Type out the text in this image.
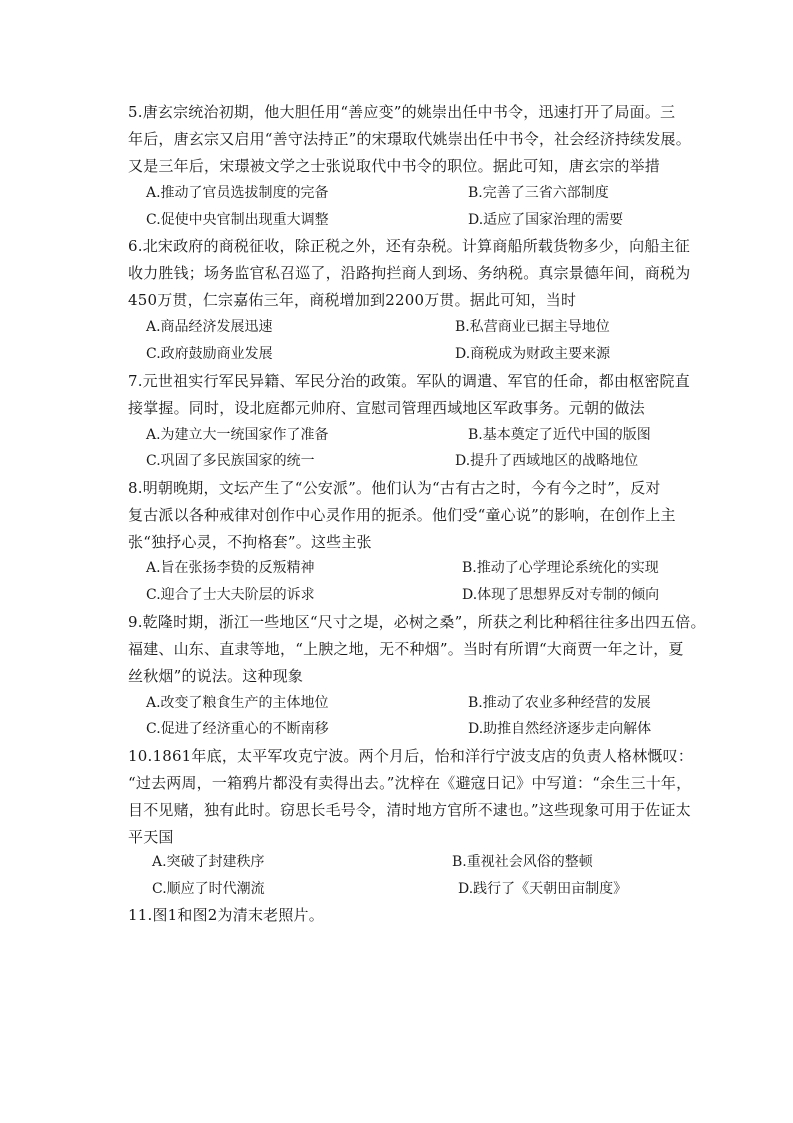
5.唐玄宗统治初期，他大胆任用“善应变”的姚崇出任中书令，迅速打开了局面。三
年后，唐玄宗又启用“善守法持正”的宋璟取代姚崇出任中书令，社会经济持续发展。
又是三年后，宋璟被文学之士张说取代中书令的职位。据此可知，唐玄宗的举措
A.推动了官员选拔制度的完备	B.完善了三省六部制度
C.促使中央官制出现重大调整	D.适应了国家治理的需要
6.北宋政府的商税征收，除正税之外，还有杂税。计算商船所载货物多少，向船主征
收力胜钱；场务监官私召巡了，沿路拘拦商人到场、务纳税。真宗景德年间，商税为
450万贯，仁宗嘉佑三年，商税增加到2200万贯。据此可知，当时
A.商品经济发展迅速	B.私营商业已据主导地位
C.政府鼓励商业发展	D.商税成为财政主要来源
7.元世祖实行军民异籍、军民分治的政策。军队的调遣、军官的任命，都由枢密院直
接掌握。同时，设北庭都元帅府、宣慰司管理西域地区军政事务。元朝的做法
A.为建立大一统国家作了准备	B.基本奠定了近代中国的版图
C.巩固了多民族国家的统一	D.提升了西域地区的战略地位
8.明朝晚期，文坛产生了“公安派”。他们认为“古有古之时，今有今之时”，反对
复古派以各种戒律对创作中心灵作用的扼杀。他们受“童心说”的影响，在创作上主
张“独抒心灵，不拘格套”。这些主张
A.旨在张扬李贽的反叛精神	B.推动了心学理论系统化的实现
C.迎合了士大夫阶层的诉求	D.体现了思想界反对专制的倾向
9.乾隆时期，浙江一些地区“尺寸之堤，必树之桑”，所获之利比种稻往往多出四五倍。
福建、山东、直隶等地，“上腴之地，无不种烟”。当时有所谓“大商贾一年之计，夏
丝秋烟”的说法。这种现象
A.改变了粮食生产的主体地位	B.推动了农业多种经营的发展
C.促进了经济重心的不断南移	D.助推自然经济逐步走向解体
10.1861年底，太平军攻克宁波。两个月后，怡和洋行宁波支店的负责人格林慨叹：
“过去两周，一箱鸦片都没有卖得出去。”沈梓在《避寇日记》中写道：“余生三十年，
目不见赌，独有此时。窃思长毛号令，清时地方官所不逮也。”这些现象可用于佐证太
平天国
A.突破了封建秩序	B.重视社会风俗的整顿
C.顺应了时代潮流	D.践行了《天朝田亩制度》
11.图1和图2为清末老照片。
